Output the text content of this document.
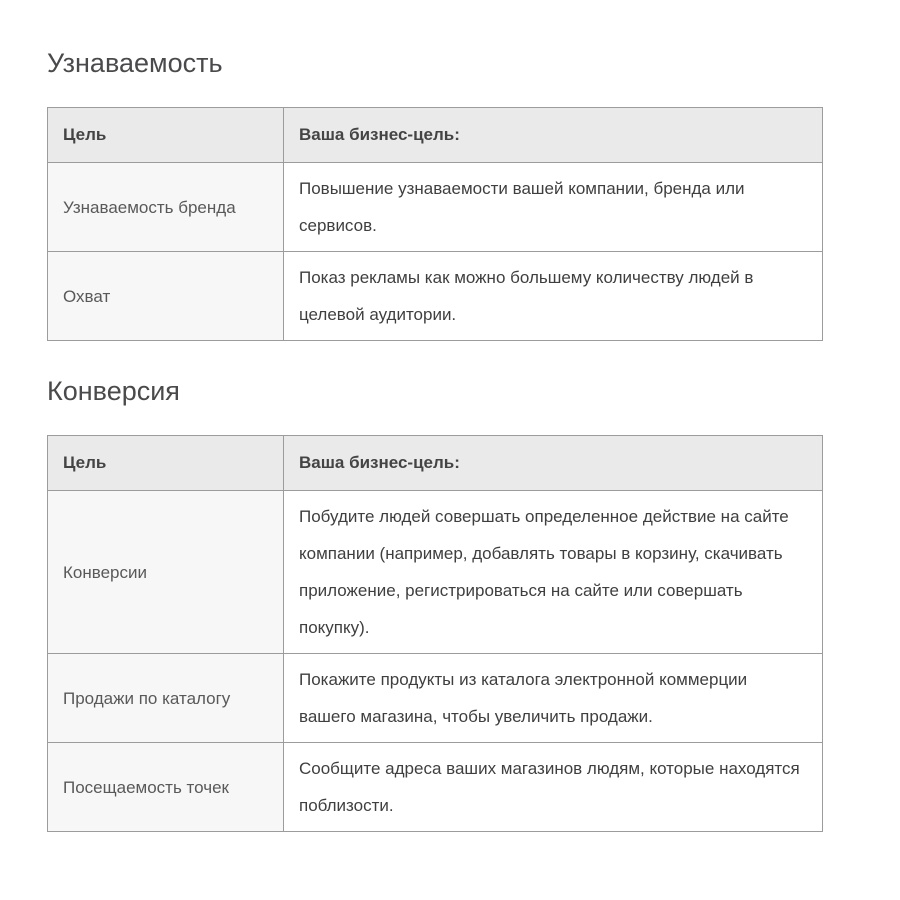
Узнаваемость
Цель	Ваша бизнес-цель:
Узнаваемость бренда	Повышение узнаваемости вашей компании, бренда или сервисов.
Охват	Показ рекламы как можно большему количеству людей в целевой аудитории.
Конверсия
Цель	Ваша бизнес-цель:
Конверсии	Побудите людей совершать определенное действие на сайте компании (например, добавлять товары в корзину, скачивать приложение, регистрироваться на сайте или совершать покупку).
Продажи по каталогу	Покажите продукты из каталога электронной коммерции вашего магазина, чтобы увеличить продажи.
Посещаемость точек	Сообщите адреса ваших магазинов людям, которые находятся поблизости.
